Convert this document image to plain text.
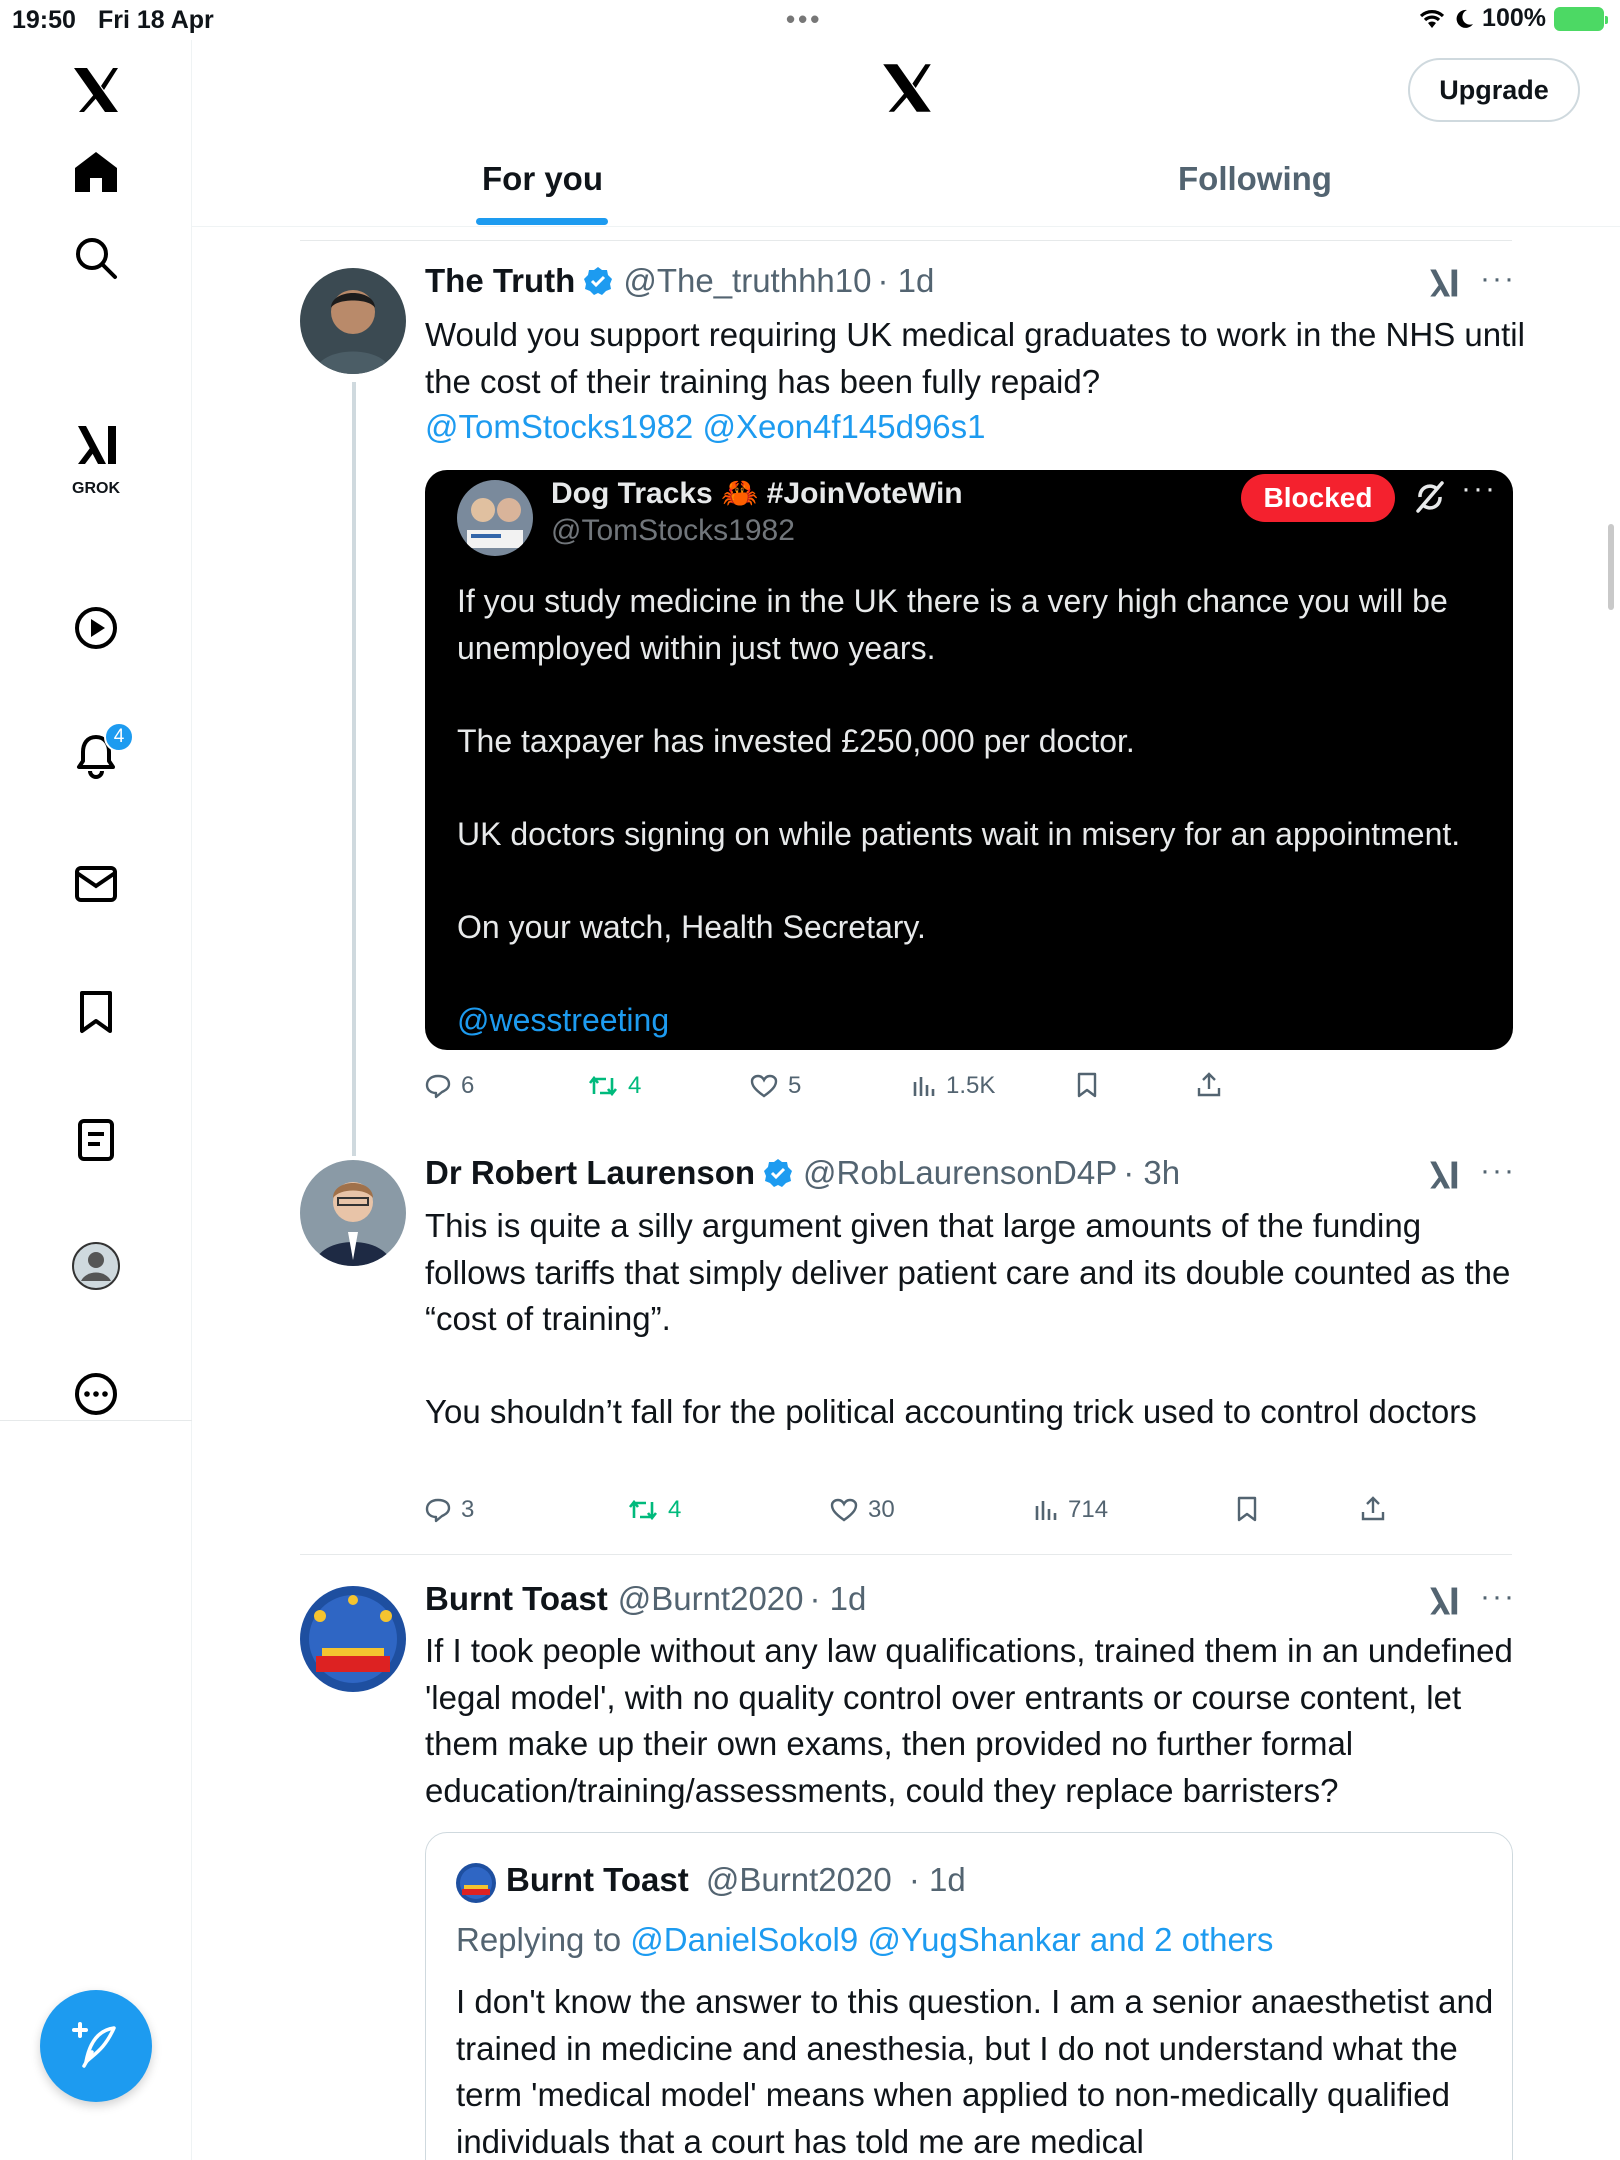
19:50 Fri 18 Apr	•••	100%
GROK
4
Upgrade
For you	Following
The Truth @The_truthhh10 · 1d	···
Would you support requiring UK medical graduates to work in the NHS until the cost of their training has been fully repaid?
@TomStocks1982 @Xeon4f145d96s1
Dog Tracks 🦀 #JoinVoteWin
@TomStocks1982
Blocked	···
If you study medicine in the UK there is a very high chance you will be unemployed within just two years.

The taxpayer has invested £250,000 per doctor.

UK doctors signing on while patients wait in misery for an appointment.

On your watch, Health Secretary.
@wesstreeting
6	4	5	1.5K
Dr Robert Laurenson @RobLaurensonD4P · 3h	···
This is quite a silly argument given that large amounts of the funding follows tariffs that simply deliver patient care and its double counted as the “cost of training”.

You shouldn’t fall for the political accounting trick used to control doctors
3	4	30	714
Burnt Toast @Burnt2020 · 1d	···
If I took people without any law qualifications, trained them in an undefined 'legal model', with no quality control over entrants or course content, let them make up their own exams, then provided no further formal education/training/assessments, could they replace barristers?
Burnt Toast @Burnt2020 · 1d
Replying to @DanielSokol9 @YugShankar and 2 others
I don't know the answer to this question. I am a senior anaesthetist and trained in medicine and anesthesia, but I do not understand what the term 'medical model' means when applied to non-medically qualified individuals that a court has told me are medical
